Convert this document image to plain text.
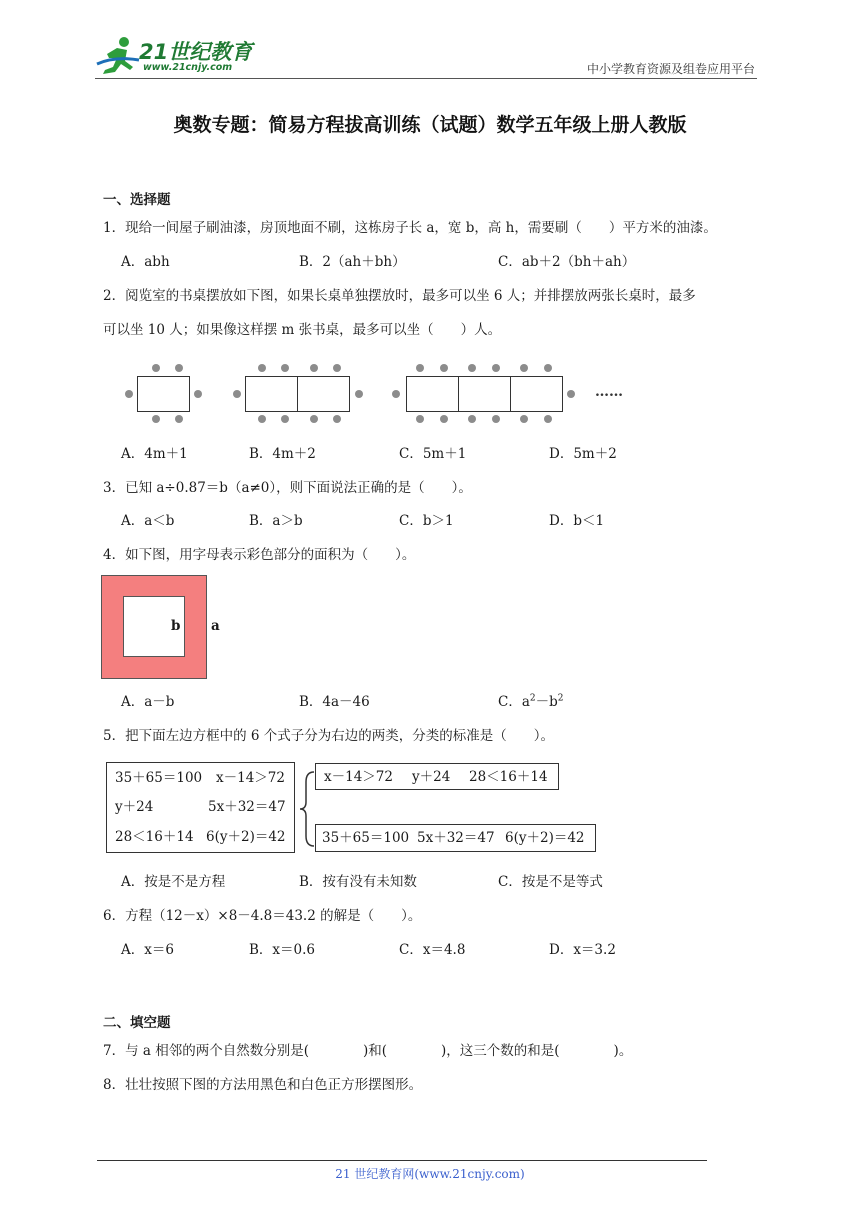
21世纪教育
www.21cnjy.com	中小学教育资源及组卷应用平台
奥数专题：简易方程拔高训练（试题）数学五年级上册人教版
一、选择题
1．现给一间屋子刷油漆，房顶地面不刷，这栋房子长 a，宽 b，高 h，需要刷（　　）平方米的油漆。
A．abh	B．2（ah＋bh）	C．ab＋2（bh＋ah）
2．阅览室的书桌摆放如下图，如果长桌单独摆放时，最多可以坐 6 人；并排摆放两张长桌时，最多
可以坐 10 人；如果像这样摆 m 张书桌，最多可以坐（　　）人。
……
A．4m＋1	B．4m＋2	C．5m＋1	D．5m＋2
3．已知 a÷0.87＝b（a≠0），则下面说法正确的是（　　）。
A．a＜b	B．a＞b	C．b＞1	D．b＜1
4．如下图，用字母表示彩色部分的面积为（　　）。
b a
A．a－b	B．4a－46	C．$a^2-b^2$
5．把下面左边方框中的 6 个式子分为右边的两类，分类的标准是（　　）。
35＋65＝100 x－14＞72
y＋24	5x＋32＝47
28＜16＋14 6(y＋2)＝42
x－14＞72 y＋24 28＜16＋14
35＋65＝100 5x＋32＝47 6(y＋2)＝42
A．按是不是方程	B．按有没有未知数	C．按是不是等式
6．方程（12－x）×8－4.8＝43.2 的解是（　　）。
A．x＝6	B．x＝0.6	C．x＝4.8	D．x＝3.2
二、填空题
7．与 a 相邻的两个自然数分别是(　　　　)和(　　　　)，这三个数的和是(　　　　)。
8．壮壮按照下图的方法用黑色和白色正方形摆图形。
21 世纪教育网(www.21cnjy.com)
